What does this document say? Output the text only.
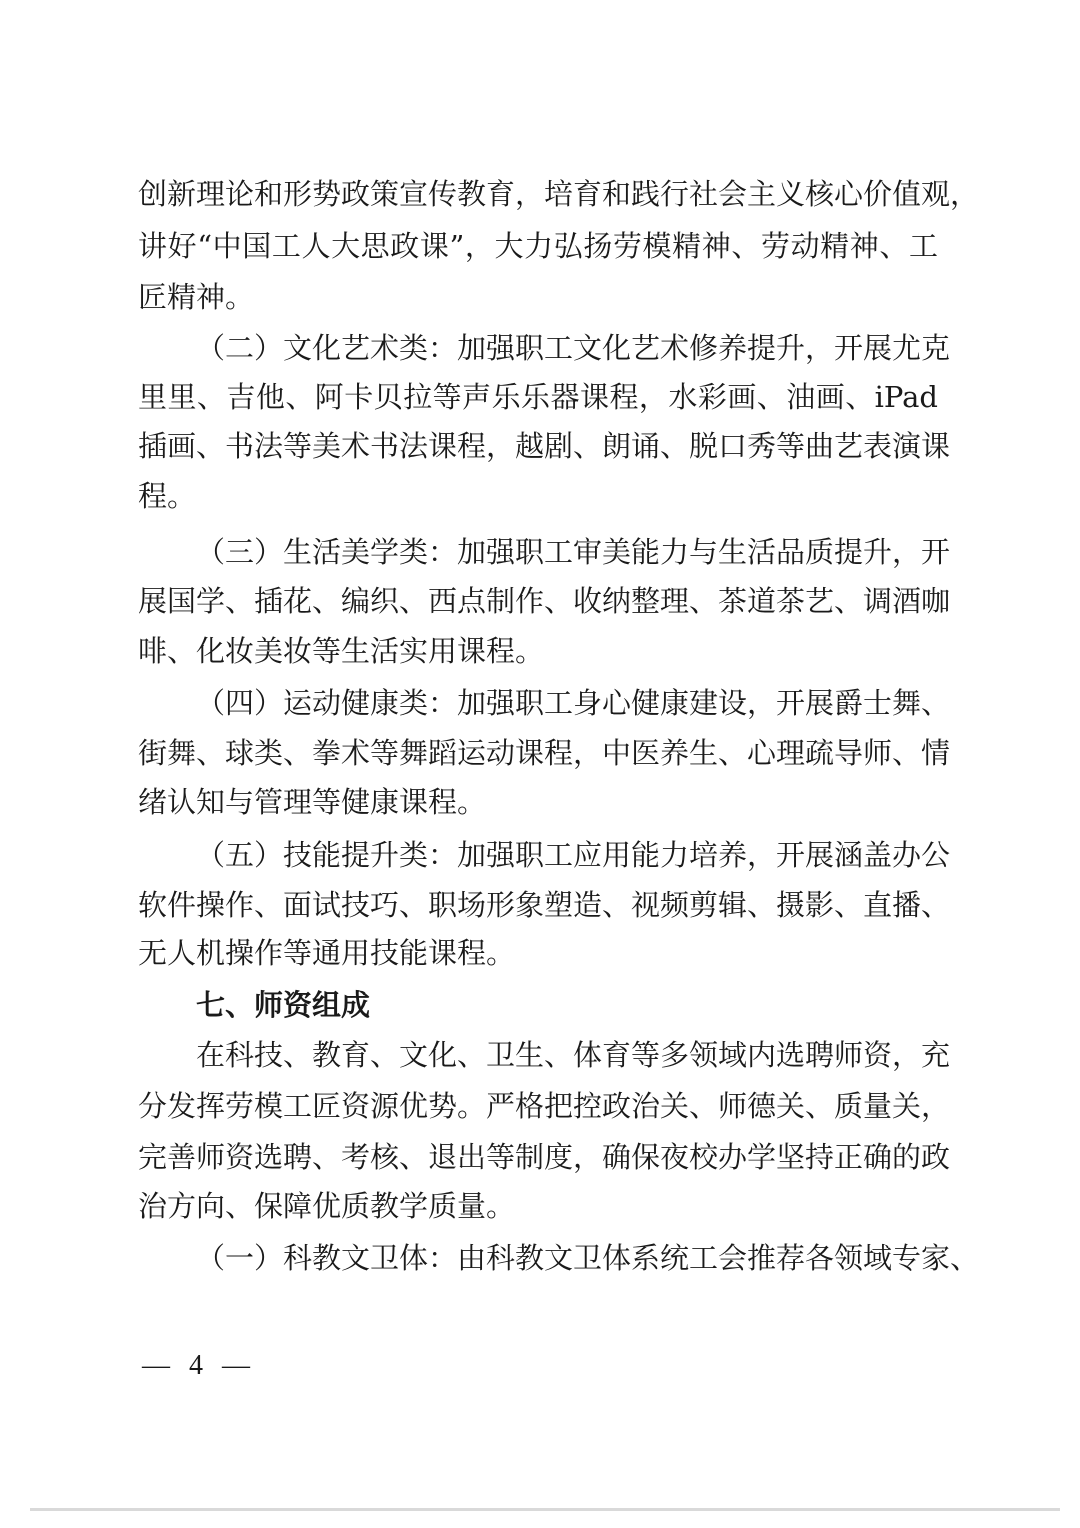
创新理论和形势政策宣传教育，培育和践行社会主义核心价值观，
讲好“中国工人大思政课”，大力弘扬劳模精神、劳动精神、工
匠精神。
（二）文化艺术类：加强职工文化艺术修养提升，开展尤克
里里、吉他、阿卡贝拉等声乐乐器课程，水彩画、油画、iPad
插画、书法等美术书法课程，越剧、朗诵、脱口秀等曲艺表演课
程。
（三）生活美学类：加强职工审美能力与生活品质提升，开
展国学、插花、编织、西点制作、收纳整理、茶道茶艺、调酒咖
啡、化妆美妆等生活实用课程。
（四）运动健康类：加强职工身心健康建设，开展爵士舞、
街舞、球类、拳术等舞蹈运动课程，中医养生、心理疏导师、情
绪认知与管理等健康课程。
（五）技能提升类：加强职工应用能力培养，开展涵盖办公
软件操作、面试技巧、职场形象塑造、视频剪辑、摄影、直播、
无人机操作等通用技能课程。
七、师资组成
在科技、教育、文化、卫生、体育等多领域内选聘师资，充
分发挥劳模工匠资源优势。严格把控政治关、师德关、质量关，
完善师资选聘、考核、退出等制度，确保夜校办学坚持正确的政
治方向、保障优质教学质量。
（一）科教文卫体：由科教文卫体系统工会推荐各领域专家、
— 4 —
